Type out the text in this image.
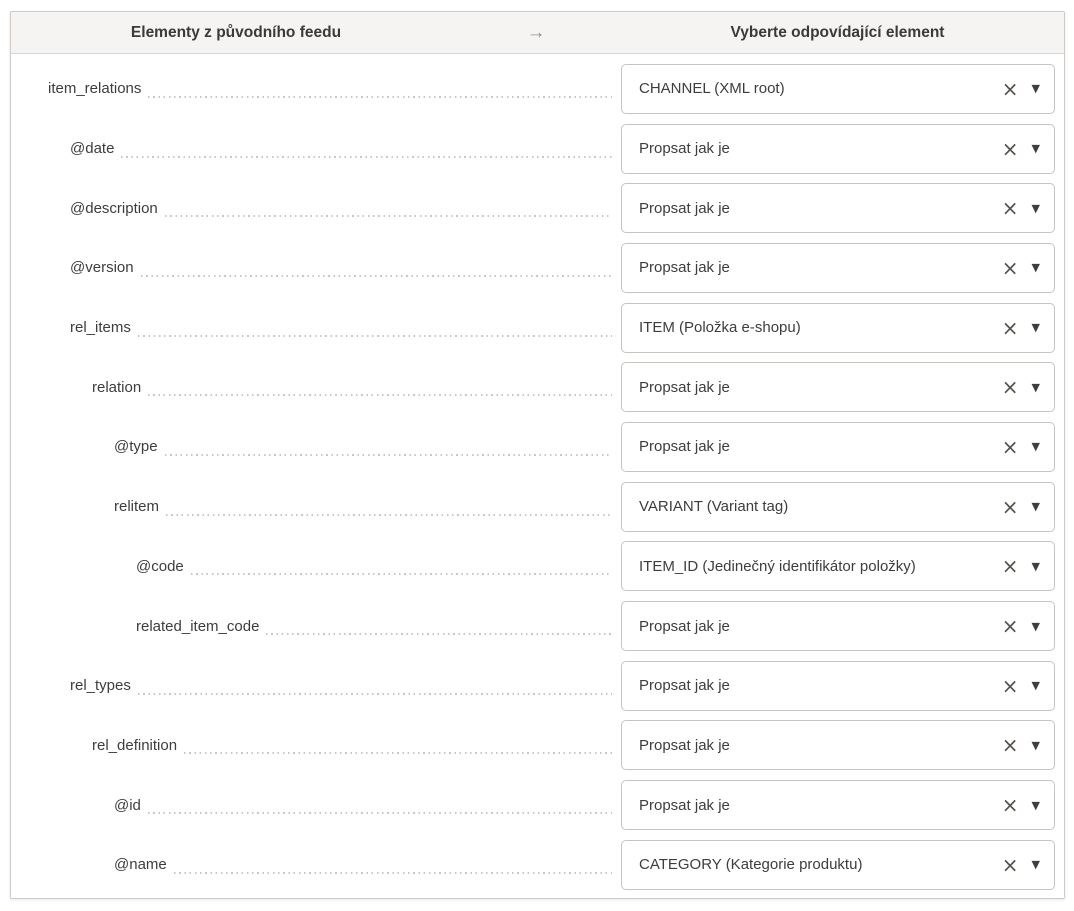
Elementy z původního feedu	→	Vyberte odpovídající element
item_relations	CHANNEL (XML root)	×	▼
@date	Propsat jak je	×	▼
@description	Propsat jak je	×	▼
@version	Propsat jak je	×	▼
rel_items	ITEM (Položka e-shopu)	×	▼
relation	Propsat jak je	×	▼
@type	Propsat jak je	×	▼
relitem	VARIANT (Variant tag)	×	▼
@code	ITEM_ID (Jedinečný identifikátor položky)	×	▼
related_item_code	Propsat jak je	×	▼
rel_types	Propsat jak je	×	▼
rel_definition	Propsat jak je	×	▼
@id	Propsat jak je	×	▼
@name	CATEGORY (Kategorie produktu)	×	▼
